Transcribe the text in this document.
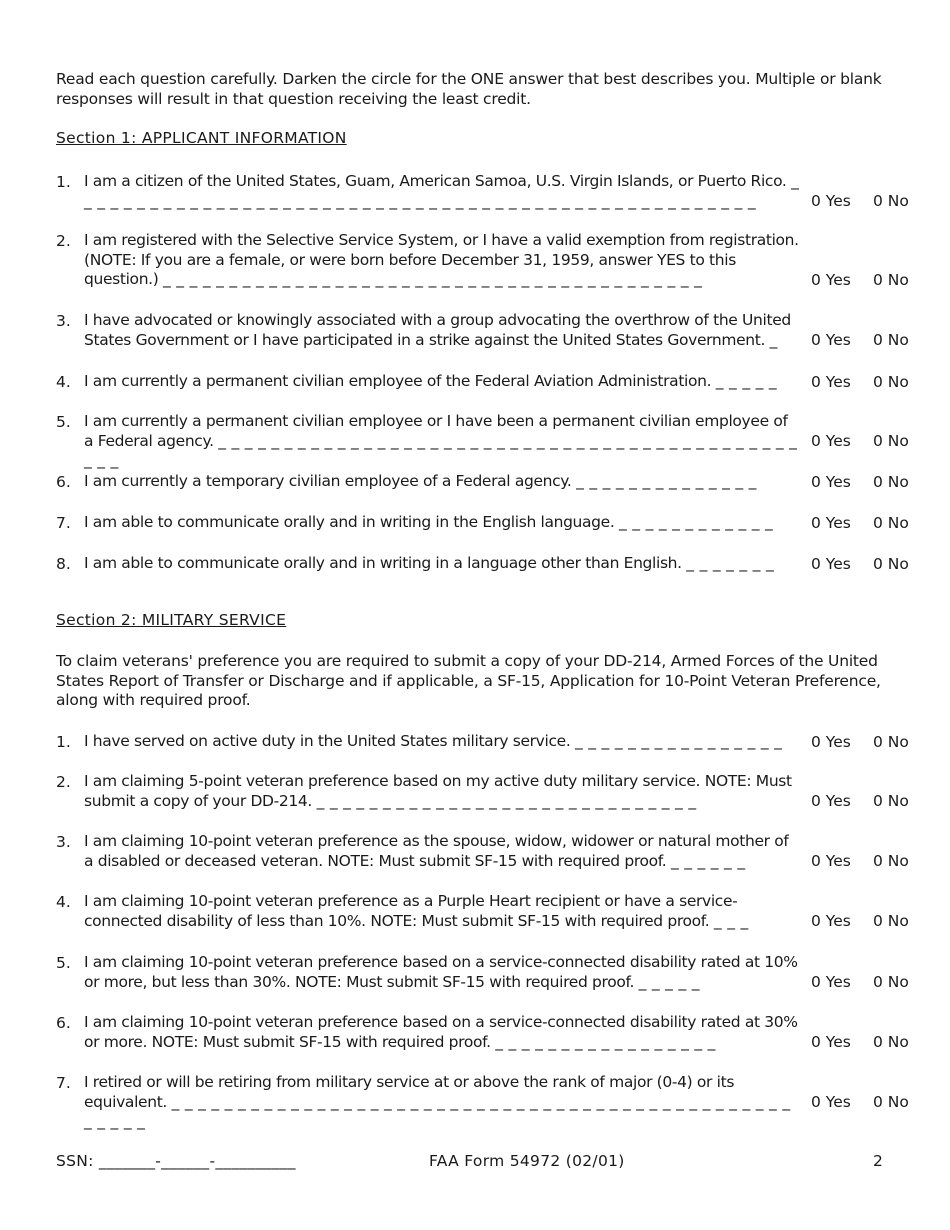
Read each question carefully. Darken the circle for the ONE answer that best describes you. Multiple or blank responses will result in that question receiving the least credit.
Section 1: APPLICANT INFORMATION
1. I am a citizen of the United States, Guam, American Samoa, U.S. Virgin Islands, or Puerto Rico. _ _ _ _ _ _ _ _ _ _ _ _ _ _ _ _ _ _ _ _ _ _ _ _ _ _ _ _ _ _ _ _ _ _ _ _ _ _ _ _ _ _ _ _ _ _ _ _ _ _ _ _	0 Yes 0 No
2. I am registered with the Selective Service System, or I have a valid exemption from registration. (NOTE: If you are a female, or were born before December 31, 1959, answer YES to this question.) _ _ _ _ _ _ _ _ _ _ _ _ _ _ _ _ _ _ _ _ _ _ _ _ _ _ _ _ _ _ _ _ _ _ _ _ _ _ _ _ _	0 Yes 0 No
3. I have advocated or knowingly associated with a group advocating the overthrow of the United States Government or I have participated in a strike against the United States Government. _	0 Yes 0 No
4. I am currently a permanent civilian employee of the Federal Aviation Administration. _ _ _ _ _	0 Yes 0 No
5. I am currently a permanent civilian employee or I have been a permanent civilian employee of a Federal agency. _ _ _ _ _ _ _ _ _ _ _ _ _ _ _ _ _ _ _ _ _ _ _ _ _ _ _ _ _ _ _ _ _ _ _ _ _ _ _ _ _ _ _ _ _ _ _
0 Yes 0 No
6. I am currently a temporary civilian employee of a Federal agency. _ _ _ _ _ _ _ _ _ _ _ _ _ _	0 Yes 0 No
7. I am able to communicate orally and in writing in the English language. _ _ _ _ _ _ _ _ _ _ _ _	0 Yes 0 No
8. I am able to communicate orally and in writing in a language other than English. _ _ _ _ _ _ _	0 Yes 0 No
Section 2: MILITARY SERVICE
To claim veterans' preference you are required to submit a copy of your DD-214, Armed Forces of the United States Report of Transfer or Discharge and if applicable, a SF-15, Application for 10-Point Veteran Preference, along with required proof.
1. I have served on active duty in the United States military service. _ _ _ _ _ _ _ _ _ _ _ _ _ _ _ _	0 Yes 0 No
2. I am claiming 5-point veteran preference based on my active duty military service. NOTE: Must submit a copy of your DD-214. _ _ _ _ _ _ _ _ _ _ _ _ _ _ _ _ _ _ _ _ _ _ _ _ _ _ _ _ _	0 Yes 0 No
3. I am claiming 10-point veteran preference as the spouse, widow, widower or natural mother of a disabled or deceased veteran. NOTE: Must submit SF-15 with required proof. _ _ _ _ _ _	0 Yes 0 No
4. I am claiming 10-point veteran preference as a Purple Heart recipient or have a service-connected disability of less than 10%. NOTE: Must submit SF-15 with required proof. _ _ _	0 Yes 0 No
5. I am claiming 10-point veteran preference based on a service-connected disability rated at 10% or more, but less than 30%. NOTE: Must submit SF-15 with required proof. _ _ _ _ _	0 Yes 0 No
6. I am claiming 10-point veteran preference based on a service-connected disability rated at 30% or more. NOTE: Must submit SF-15 with required proof. _ _ _ _ _ _ _ _ _ _ _ _ _ _ _ _ _	0 Yes 0 No
7. I retired or will be retiring from military service at or above the rank of major (0-4) or its equivalent. _ _ _ _ _ _ _ _ _ _ _ _ _ _ _ _ _ _ _ _ _ _ _ _ _ _ _ _ _ _ _ _ _ _ _ _ _ _ _ _ _ _ _ _ _ _ _ _ _ _ _ _
0 Yes 0 No
SSN: _______-______-__________	FAA Form 54972 (02/01)	2
